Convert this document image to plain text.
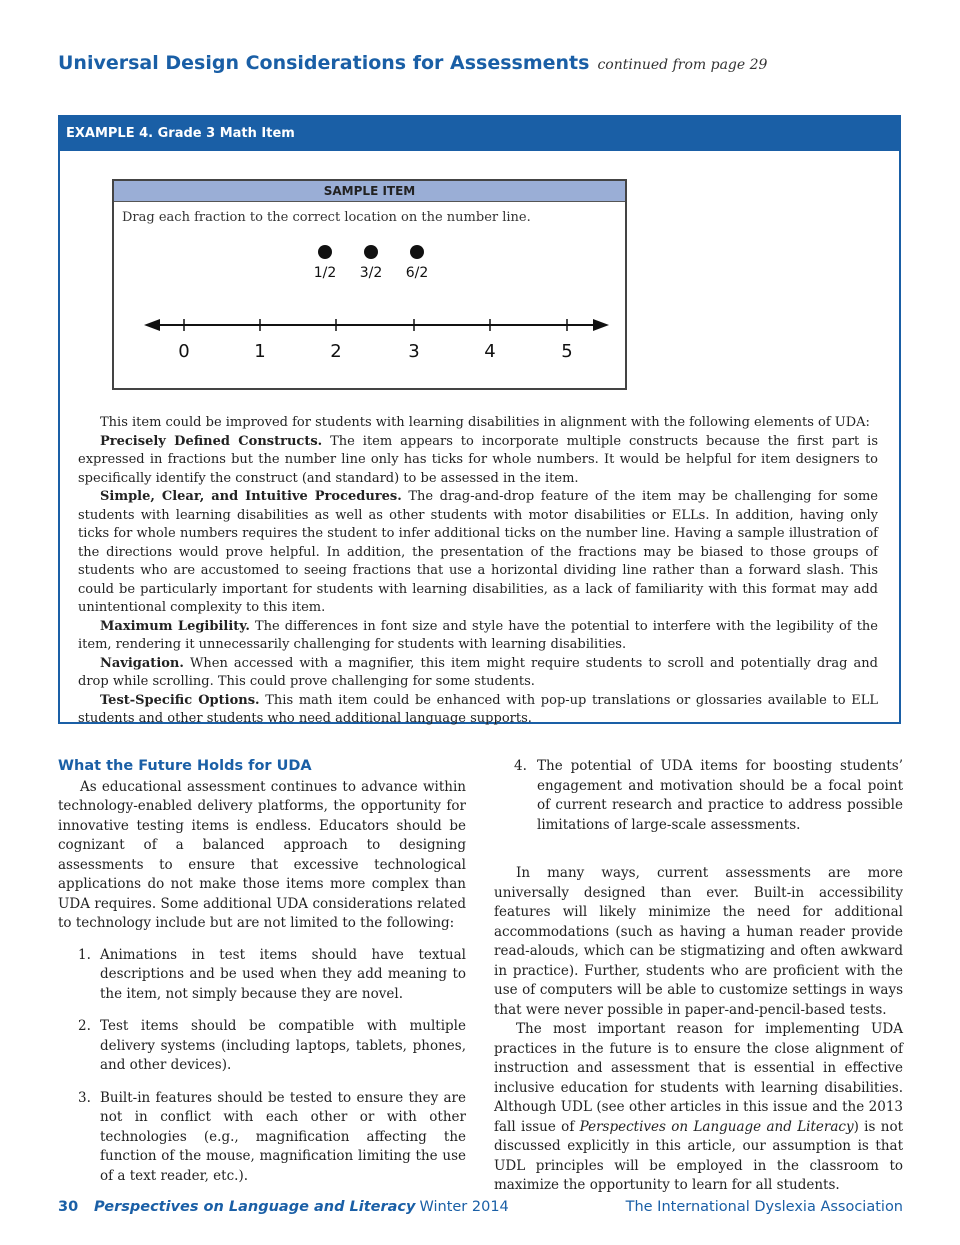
Universal Design Considerations for Assessments continued from page 29
EXAMPLE 4. Grade 3 Math Item
SAMPLE ITEM
Drag each fraction to the correct location on the number line.
1/2 3/2 6/2
0	1	2	3	4	5

This item could be improved for students with learning disabilities in alignment with the following elements of UDA:

Precisely Defined Constructs. The item appears to incorporate multiple constructs because the first part is expressed in fractions but the number line only has ticks for whole numbers. It would be helpful for item designers to specifically identify the construct (and standard) to be assessed in the item.

Simple, Clear, and Intuitive Procedures. The drag-and-drop feature of the item may be challenging for some students with learning disabilities as well as other students with motor disabilities or ELLs. In addition, having only ticks for whole numbers requires the student to infer additional ticks on the number line. Having a sample illustration of the directions would prove helpful. In addition, the presentation of the fractions may be biased to those groups of students who are accustomed to seeing fractions that use a horizontal dividing line rather than a forward slash. This could be particularly important for students with learning disabilities, as a lack of familiarity with this format may add unintentional complexity to this item.

Maximum Legibility. The differences in font size and style have the potential to interfere with the legibility of the item, rendering it unnecessarily challenging for students with learning disabilities.

Navigation. When accessed with a magnifier, this item might require students to scroll and potentially drag and drop while scrolling. This could prove challenging for some students.

Test-Specific Options. This math item could be enhanced with pop-up translations or glossaries available to ELL students and other students who need additional language supports.

What the Future Holds for UDA

As educational assessment continues to advance within technology-enabled delivery platforms, the opportunity for innovative testing items is endless. Educators should be cognizant of a balanced approach to designing assessments to ensure that excessive technological applications do not make those items more complex than UDA requires. Some additional UDA considerations related to technology include but are not limited to the following:

1. Animations in test items should have textual descriptions and be used when they add meaning to the item, not simply because they are novel.
2. Test items should be compatible with multiple delivery systems (including laptops, tablets, phones, and other devices).
3. Built-in features should be tested to ensure they are not in conflict with each other or with other technologies (e.g., magnification affecting the function of the mouse, magnification limiting the use of a text reader, etc.).
4. The potential of UDA items for boosting students’ engagement and motivation should be a focal point of current research and practice to address possible limitations of large-scale assessments.

In many ways, current assessments are more universally designed than ever. Built-in accessibility features will likely minimize the need for additional accommodations (such as having a human reader provide read-alouds, which can be stigmatizing and often awkward in practice). Further, students who are proficient with the use of computers will be able to customize settings in ways that were never possible in paper-and-pencil-based tests.

The most important reason for implementing UDA practices in the future is to ensure the close alignment of instruction and assessment that is essential in effective inclusive education for students with learning disabilities. Although UDL (see other articles in this issue and the 2013 fall issue of Perspectives on Language and Literacy) is not discussed explicitly in this article, our assumption is that UDL principles will be employed in the classroom to maximize the opportunity to learn for all students.

30 Perspectives on Language and Literacy Winter 2014	The International Dyslexia Association
